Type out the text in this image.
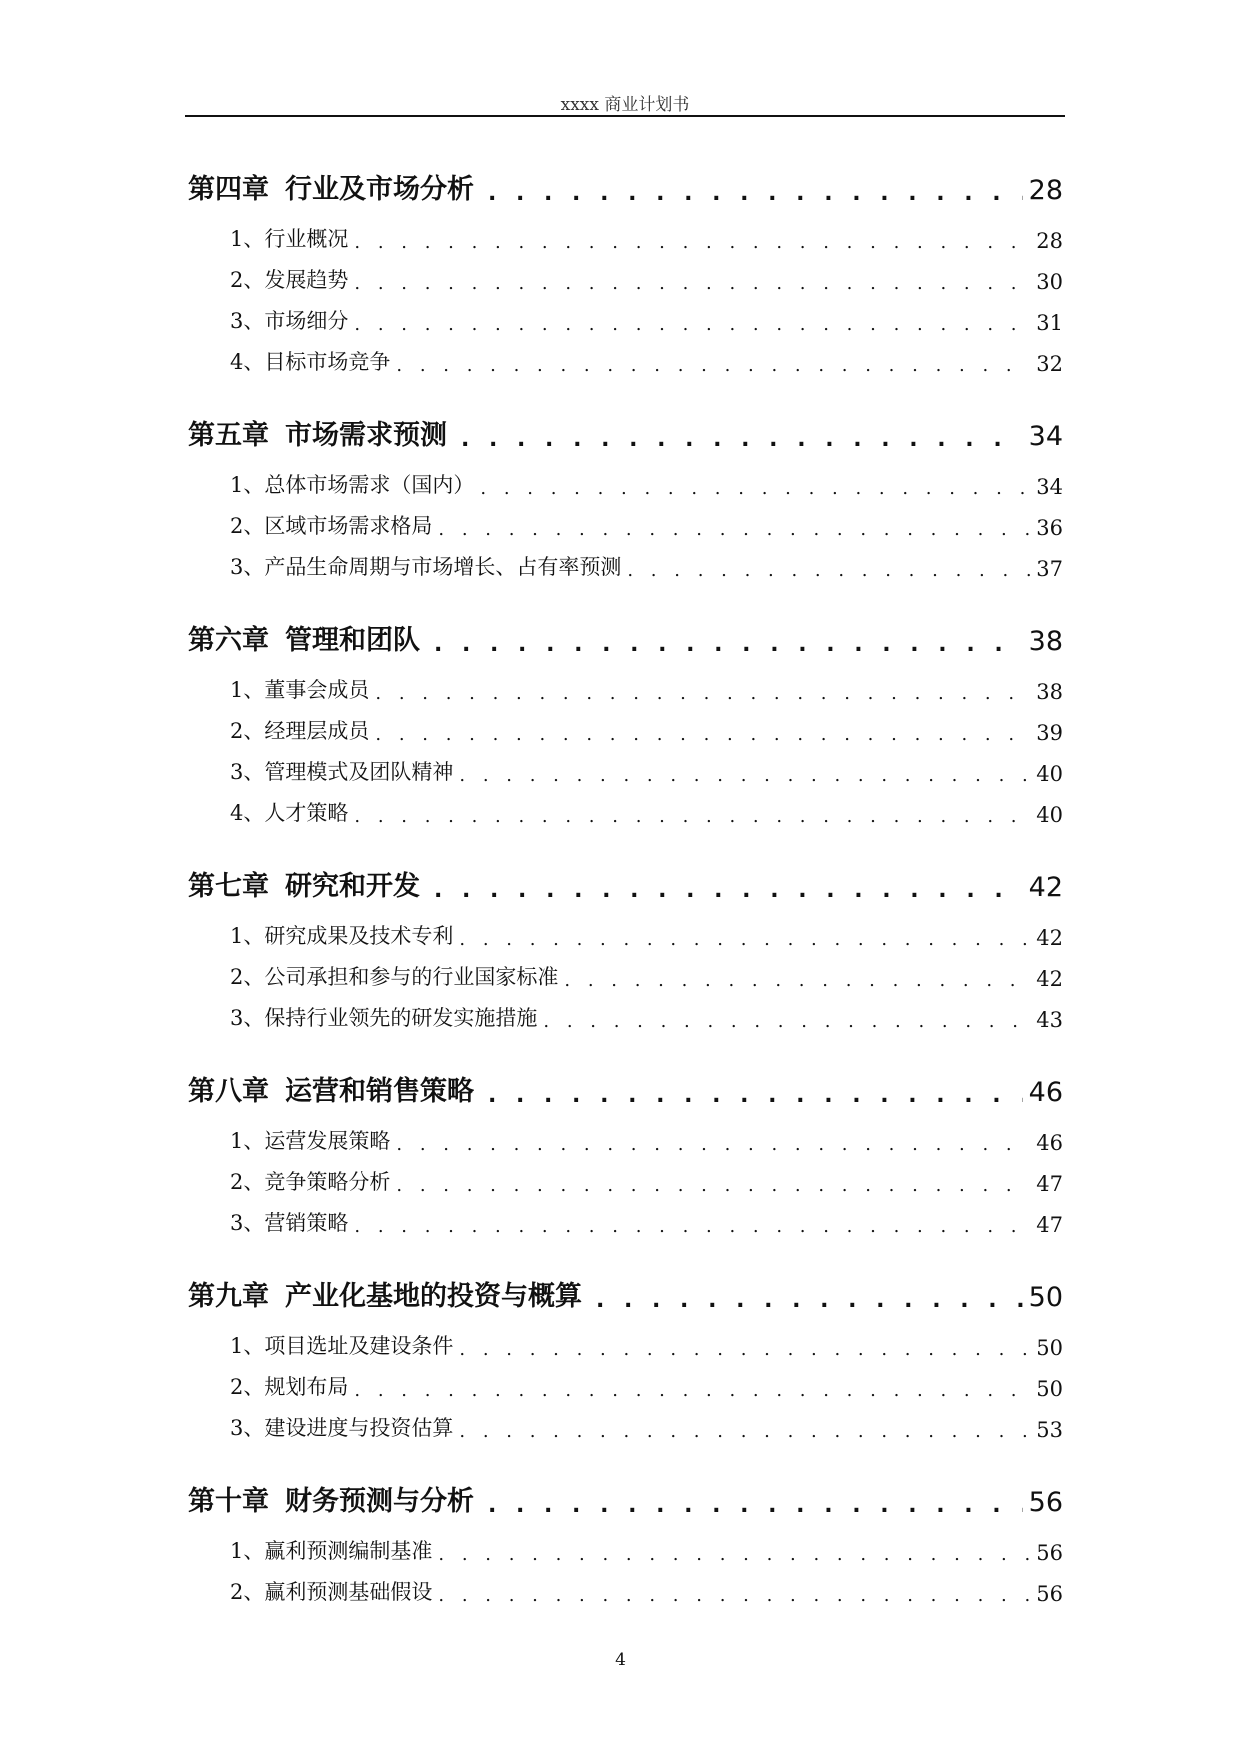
xxxx 商业计划书
第四章 行业及市场分析 . . .	28
1、行业概况 . . .	28
2、发展趋势 . . .	30
3、市场细分 . . .	31
4、目标市场竞争 . . .	32
第五章 市场需求预测 . . .	34
1、总体市场需求（国内） . . .	34
2、区域市场需求格局 . . .	36
3、产品生命周期与市场增长、占有率预测 . . .	37
第六章 管理和团队 . . .	38
1、董事会成员 . . .	38
2、经理层成员 . . .	39
3、管理模式及团队精神 . . .	40
4、人才策略 . . .	40
第七章 研究和开发 . . .	42
1、研究成果及技术专利 . . .	42
2、公司承担和参与的行业国家标准 . . .	42
3、保持行业领先的研发实施措施 . . .	43
第八章 运营和销售策略 . . .	46
1、运营发展策略 . . .	46
2、竞争策略分析 . . .	47
3、营销策略 . . .	47
第九章 产业化基地的投资与概算 . . .	50
1、项目选址及建设条件 . . .	50
2、规划布局 . . .	50
3、建设进度与投资估算 . . .	53
第十章 财务预测与分析 . . .	56
1、赢利预测编制基准 . . .	56
2、赢利预测基础假设 . . .	56
4
